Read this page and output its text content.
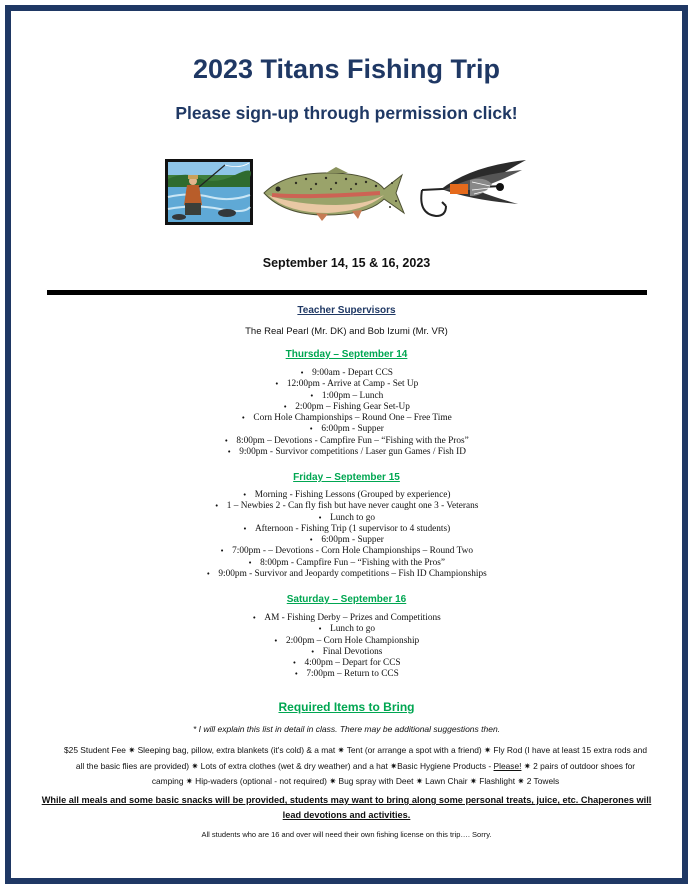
2023 Titans Fishing Trip
Please sign-up through permission click!
September 14, 15 & 16, 2023
Teacher Supervisors
The Real Pearl (Mr. DK) and Bob Izumi (Mr. VR)
Thursday – September 14
• 9:00am - Depart CCS
• 12:00pm - Arrive at Camp - Set Up
• 1:00pm – Lunch
• 2:00pm – Fishing Gear Set-Up
• Corn Hole Championships – Round One – Free Time
• 6:00pm - Supper
• 8:00pm – Devotions - Campfire Fun – “Fishing with the Pros”
• 9:00pm - Survivor competitions / Laser gun Games / Fish ID
Friday – September 15
• Morning - Fishing Lessons (Grouped by experience)
• 1 – Newbies 2 - Can fly fish but have never caught one 3 - Veterans
• Lunch to go
• Afternoon - Fishing Trip (1 supervisor to 4 students)
• 6:00pm - Supper
• 7:00pm - – Devotions - Corn Hole Championships – Round Two
• 8:00pm - Campfire Fun – “Fishing with the Pros”
• 9:00pm - Survivor and Jeopardy competitions – Fish ID Championships
Saturday – September 16
• AM - Fishing Derby – Prizes and Competitions
• Lunch to go
• 2:00pm – Corn Hole Championship
• Final Devotions
• 4:00pm – Depart for CCS
• 7:00pm – Return to CCS
Required Items to Bring
* I will explain this list in detail in class. There may be additional suggestions then.
$25 Student Fee ✷ Sleeping bag, pillow, extra blankets (it's cold) & a mat ✷ Tent (or arrange a spot with a friend) ✷ Fly Rod (I have at least 15 extra rods and all the basic flies are provided) ✷ Lots of extra clothes (wet & dry weather) and a hat ✷Basic Hygiene Products - Please! ✷ 2 pairs of outdoor shoes for camping ✷ Hip-waders (optional - not required) ✷ Bug spray with Deet ✷ Lawn Chair ✷ Flashlight ✷ 2 Towels
While all meals and some basic snacks will be provided, students may want to bring along some personal treats, juice, etc. Chaperones will lead devotions and activities.
All students who are 16 and over will need their own fishing license on this trip…. Sorry.
